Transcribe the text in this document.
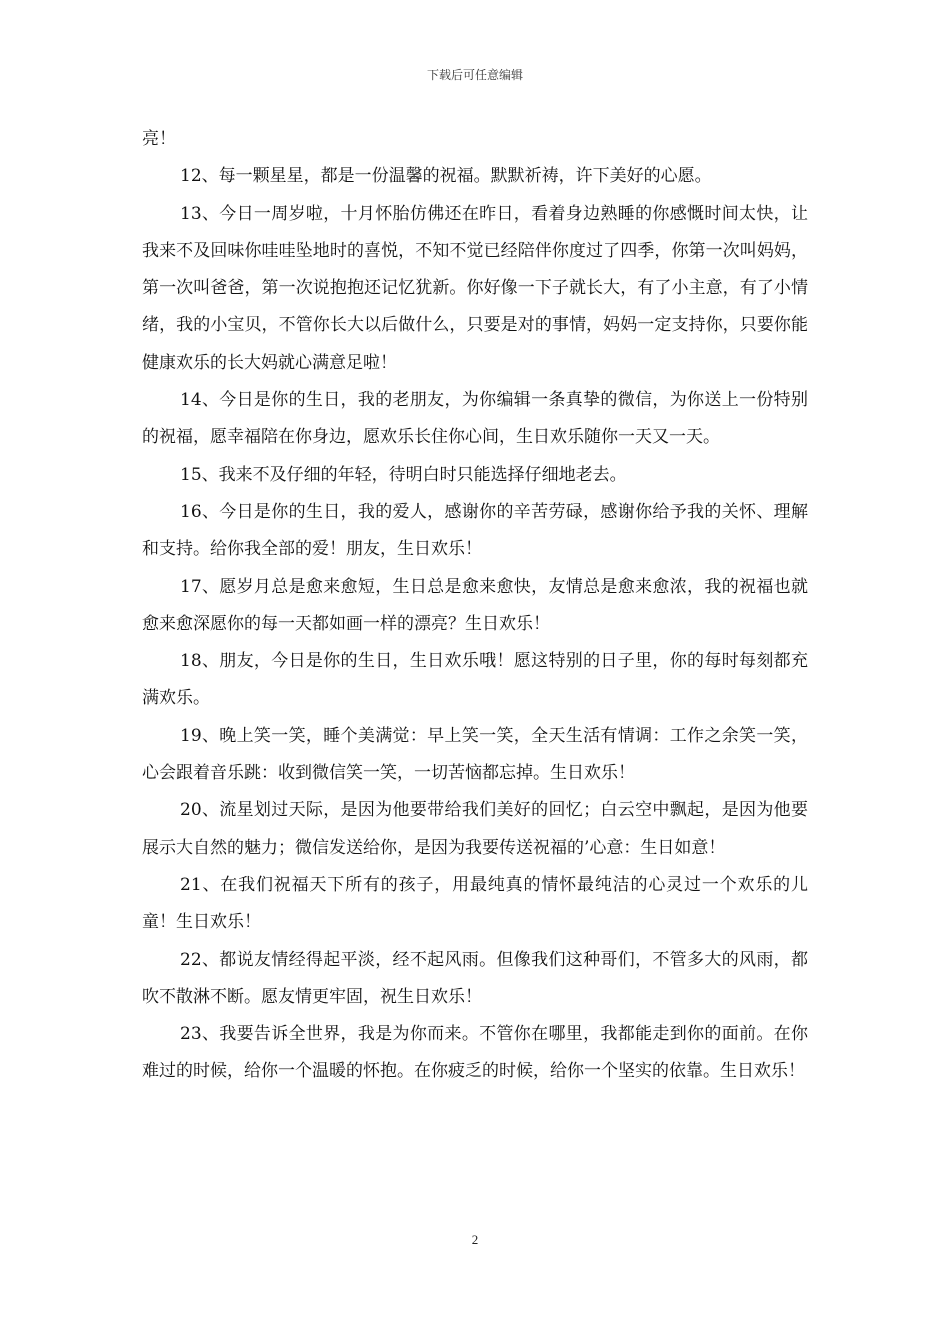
下载后可任意编辑

亮！

12、每一颗星星，都是一份温馨的祝福。默默祈祷，许下美好的心愿。

13、今日一周岁啦，十月怀胎仿佛还在昨日，看着身边熟睡的你感慨时间太快，让我来不及回味你哇哇坠地时的喜悦，不知不觉已经陪伴你度过了四季，你第一次叫妈妈，第一次叫爸爸，第一次说抱抱还记忆犹新。你好像一下子就长大，有了小主意，有了小情绪，我的小宝贝，不管你长大以后做什么，只要是对的事情，妈妈一定支持你，只要你能健康欢乐的长大妈就心满意足啦！

14、今日是你的生日，我的老朋友，为你编辑一条真挚的微信，为你送上一份特别的祝福，愿幸福陪在你身边，愿欢乐长住你心间，生日欢乐随你一天又一天。

15、我来不及仔细的年轻，待明白时只能选择仔细地老去。

16、今日是你的生日，我的爱人，感谢你的辛苦劳碌，感谢你给予我的关怀、理解和支持。给你我全部的爱！朋友，生日欢乐！

17、愿岁月总是愈来愈短，生日总是愈来愈快，友情总是愈来愈浓，我的祝福也就愈来愈深愿你的每一天都如画一样的漂亮？生日欢乐！

18、朋友，今日是你的生日，生日欢乐哦！愿这特别的日子里，你的每时每刻都充满欢乐。

19、晚上笑一笑，睡个美满觉：早上笑一笑，全天生活有情调：工作之余笑一笑，心会跟着音乐跳：收到微信笑一笑，一切苦恼都忘掉。生日欢乐！

20、流星划过天际，是因为他要带给我们美好的回忆；白云空中飘起，是因为他要展示大自然的魅力；微信发送给你，是因为我要传送祝福的’心意：生日如意！

21、在我们祝福天下所有的孩子，用最纯真的情怀最纯洁的心灵过一个欢乐的儿童！生日欢乐！

22、都说友情经得起平淡，经不起风雨。但像我们这种哥们，不管多大的风雨，都吹不散淋不断。愿友情更牢固，祝生日欢乐！

23、我要告诉全世界，我是为你而来。不管你在哪里，我都能走到你的面前。在你难过的时候，给你一个温暖的怀抱。在你疲乏的时候，给你一个坚实的依靠。生日欢乐！

2
